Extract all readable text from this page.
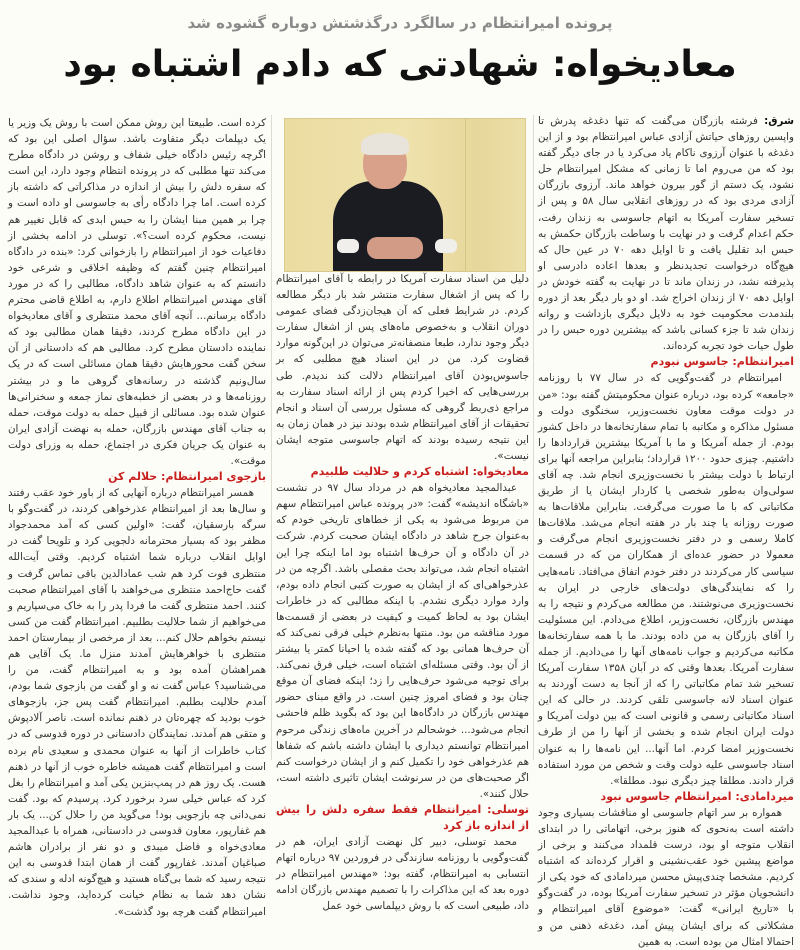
پرونده امیرانتظام در سالگرد درگذشتش دوباره گشوده شد
معادیخواه: شهادتی که دادم اشتباه بود

شرق: فرشته بازرگان می‌گفت که تنها دغدغه پدرش تا واپسین روزهای حیاتش آزادی عباس امیرانتظام بود و از این دغدغه با عنوان آرزوی ناکام یاد می‌کرد یا در جای دیگر گفته بود که من می‌روم اما تا زمانی که مشکل امیرانتظام حل نشود، یک دستم از گور بیرون خواهد ماند. آرزوی بازرگان آزادی مردی بود که در روزهای انقلابی سال ۵۸ و پس از تسخیر سفارت آمریکا به اتهام جاسوسی به زندان رفت، حکم اعدام گرفت و در نهایت با وساطت بازرگان حکمش به حبس ابد تقلیل یافت و تا اوایل دهه ۷۰ در عین حال که هیچ‌گاه درخواست تجدیدنظر و بعدها اعاده دادرسی او پذیرفته نشد، در زندان ماند تا در نهایت به گفته خودش در اوایل دهه ۷۰ از زندان اخراج شد. او دو بار دیگر بعد از دوره بلندمدت محکومیت خود به دلایل دیگری بازداشت و روانه زندان شد تا جزء کسانی باشد که بیشترین دوره حبس را در طول حیات خود تجربه کرده‌اند.

امیرانتظام: جاسوس نبودم

امیرانتظام در گفت‌وگویی که در سال ۷۷ با روزنامه «جامعه» کرده بود، درباره عنوان محکومیتش گفته بود: «من در دولت موقت معاون نخست‌وزیر، سخنگوی دولت و مسئول مذاکره و مکاتبه با تمام سفارتخانه‌ها در داخل کشور بودم. از جمله آمریکا و ما با آمریکا بیشترین قراردادها را داشتیم. چیزی حدود ۱۲۰۰ قرارداد؛ بنابراین مراجعه آنها برای ارتباط با دولت بیشتر با نخست‌وزیری انجام شد. چه آقای سولی‌وان به‌طور شخصی یا کاردار ایشان یا از طریق مکاتباتی که با ما صورت می‌گرفت. بنابراین ملاقات‌ها به صورت روزانه یا چند بار در هفته انجام می‌شد. ملاقات‌ها کاملا رسمی و در دفتر نخست‌وزیری انجام می‌گرفت و معمولا در حضور عده‌ای از همکاران من که در قسمت سیاسی کار می‌کردند در دفتر خودم اتفاق می‌افتاد. نامه‌هایی را که نمایندگی‌های دولت‌های خارجی در ایران به نخست‌وزیری می‌نوشتند. من مطالعه می‌کردم و نتیجه را به مهندس بازرگان، نخست‌وزیر، اطلاع می‌دادم. این مسئولیت را آقای بازرگان به من داده بودند. ما با همه سفارتخانه‌ها مکاتبه می‌کردیم و جواب نامه‌های آنها را می‌دادیم. از جمله سفارت آمریکا. بعدها وقتی که در آبان ۱۳۵۸ سفارت آمریکا تسخیر شد تمام مکاتباتی را که از آنجا به دست آوردند به عنوان اسناد لانه جاسوسی تلقی کردند. در حالی که این اسناد مکاتباتی رسمی و قانونی است که بین دولت آمریکا و دولت ایران انجام شده و بخشی از آنها را من از طرف نخست‌وزیر امضا کردم. اما آنها... این نامه‌ها را به عنوان اسناد جاسوسی علیه دولت وقت و شخص من مورد استفاده قرار دادند. مطلقا چیز دیگری نبود. مطلقا».

میردامادی: امیرانتظام جاسوس نبود

همواره بر سر اتهام جاسوسی او مناقشات بسیاری وجود داشته است به‌نحوی که هنوز برخی، اتهاماتی را در ابتدای انقلاب متوجه او بود، درست قلمداد می‌کنند و برخی از مواضع پیشین خود عقب‌نشینی و اقرار کرده‌اند که اشتباه کردیم. مشخصا چندی‌پیش محسن میردامادی که خود یکی از دانشجویان مؤثر در تسخیر سفارت آمریکا بوده، در گفت‌وگو با «تاریخ ایرانی» گفت: «موضوع آقای امیرانتظام و مشکلاتی که برای ایشان پیش آمد، دغدغه ذهنی من و احتمالا امثال من بوده است. به همین

دلیل من اسناد سفارت آمریکا در رابطه با آقای امیرانتظام را که پس از اشغال سفارت منتشر شد بار دیگر مطالعه کردم. در شرایط فعلی که آن هیجان‌زدگی فضای عمومی دوران انقلاب و به‌خصوص ماه‌های پس از اشغال سفارت دیگر وجود ندارد، طبعا منصفانه‌تر می‌توان در این‌گونه موارد قضاوت کرد. من در این اسناد هیچ مطلبی که بر جاسوس‌بودن آقای امیرانتظام دلالت کند ندیدم. طی بررسی‌هایی که اخیرا کردم پس از ارائه اسناد سفارت به مراجع ذی‌ربط گروهی که مسئول بررسی آن اسناد و انجام تحقیقات از آقای امیرانتظام شده بودند نیز در همان زمان به این نتیجه رسیده بودند که اتهام جاسوسی متوجه ایشان نیست».

معادیخواه: اشتباه کردم و حلالیت طلبیدم

عبدالمجید معادیخواه هم در مرداد سال ۹۷ در نشست «باشگاه اندیشه» گفت: «در پرونده عباس امیرانتظام سهم من مربوط می‌شود به یکی از خطاهای تاریخی خودم که به‌عنوان جرح شاهد در دادگاه ایشان صحبت کردم. شرکت در آن دادگاه و آن حرف‌ها اشتباه بود اما اینکه چرا این اشتباه انجام شد، می‌تواند بحث مفصلی باشد. اگرچه من در عذرخواهی‌ای که از ایشان به صورت کتبی انجام داده بودم، وارد موارد دیگری نشدم. با اینکه مطالبی که در خاطرات ایشان بود به لحاظ کمیت و کیفیت در بعضی از قسمت‌ها مورد مناقشه من بود. منتها به‌نظرم خیلی فرقی نمی‌کند که آن حرف‌ها همانی بود که گفته شده یا احیانا کمتر یا بیشتر از آن بود. وقتی مسئله‌ای اشتباه است، خیلی فرق نمی‌کند. برای توجیه می‌شود حرف‌هایی را زد؛ اینکه فضای آن موقع چنان بود و فضای امروز چنین است. در واقع مبنای حضور مهندس بازرگان در دادگاه‌ها این بود که بگوید ظلم فاحشی انجام می‌شود... خوشحالم در آخرین ماه‌های زندگی مرحوم امیرانتظام توانستم دیداری با ایشان داشته باشم که شفاها هم عذرخواهی خود را تکمیل کنم و از ایشان درخواست کنم اگر صحبت‌های من در سرنوشت ایشان تاثیری داشته است، حلال کنند».

توسلی: امیرانتظام فقط سفره دلش را بیش از اندازه باز کرد

محمد توسلی، دبیر کل نهضت آزادی ایران، هم در گفت‌وگویی با روزنامه سازندگی در فروردین ۹۷ درباره اتهام انتسابی به امیرانتظام، گفته بود: «مهندس امیرانتظام در دوره بعد که این مذاکرات را با تصمیم مهندس بازرگان ادامه داد، طبیعی است که با روش دیپلماسی خود عمل

کرده است. طبیعتا این روش ممکن است با روش یک وزیر یا یک دیپلمات دیگر متفاوت باشد. سؤال اصلی این بود که اگرچه رئیس دادگاه خیلی شفاف و روشن در دادگاه مطرح می‌کند تنها مطلبی که در پرونده انتظام وجود دارد، این است که سفره دلش را بیش از اندازه در مذاکراتی که داشته باز کرده است. اما چرا دادگاه رأی به جاسوسی او داده است و چرا بر همین مبنا ایشان را به حبس ابدی که قابل تغییر هم نیست، محکوم کرده است؟». توسلی در ادامه بخشی از دفاعیات خود از امیرانتظام را بازخوانی کرد: «بنده در دادگاه امیرانتظام چنین گفتم که وظیفه اخلاقی و شرعی خود دانستم که به عنوان شاهد دادگاه، مطالبی را که در مورد آقای مهندس امیرانتظام اطلاع دارم، به اطلاع قاضی محترم دادگاه برسانم... آنچه آقای محمد منتظری و آقای معادیخواه در این دادگاه مطرح کردند، دقیقا همان مطالبی بود که نماینده دادستان مطرح کرد. مطالبی هم که دادستانی از آن سخن گفت محورهایش دقیقا همان مسائلی است که در یک سال‌ونیم گذشته در رسانه‌های گروهی ما و در بیشتر روزنامه‌ها و در بعضی از خطبه‌های نماز جمعه و سخنرانی‌ها عنوان شده بود. مسائلی از قبیل حمله به دولت موقت، حمله به جناب آقای مهندس بازرگان، حمله به نهضت آزادی ایران به عنوان یک جریان فکری در اجتماع، حمله به وزرای دولت موقت».

بازجوی امیرانتظام: حلالم کن

همسر امیرانتظام درباره آنهایی که از باور خود عقب رفتند و سال‌ها بعد از امیرانتظام عذرخواهی کردند، در گفت‌وگو با سرگه بارسقیان، گفت: «اولین کسی که آمد محمدجواد مظفر بود که بسیار محترمانه دلجویی کرد و تلویحا گفت در اوایل انقلاب درباره شما اشتباه کردیم. وقتی آیت‌الله منتظری فوت کرد هم شب عمادالدین باقی تماس گرفت و گفت حاج‌احمد منتظری می‌خواهند با آقای امیرانتظام صحبت کنند. احمد منتظری گفت ما فردا پدر را به خاک می‌سپاریم و می‌خواهیم از شما حلالیت بطلبیم. امیرانتظام گفت من کسی نیستم بخواهم حلال کنم... بعد از مرخصی از بیمارستان احمد منتظری با خواهرهایش آمدند منزل ما. یک آقایی هم همراهشان آمده بود و به امیرانتظام گفت، من را می‌شناسید؟ عباس گفت نه و او گفت من بازجوی شما بودم، آمدم حلالیت بطلبم. امیرانتظام گفت پس جز، بازجوهای خوب بودید که چهره‌تان در ذهنم نمانده است. ناصر آلادپوش و متقی هم آمدند. نمایندگان دادستانی در دوره قدوسی که در کتاب خاطرات از آنها به عنوان محمدی و سعیدی نام برده است و امیرانتظام گفت همیشه خاطره خوب از آنها در ذهنم هست. یک روز هم در پمپ‌بنزین یکی آمد و امیرانتظام را بغل کرد که عباس خیلی سرد برخورد کرد. پرسیدم که بود. گفت نمی‌دانی چه بازجویی بود! می‌گوید من را حلال کن... یک بار هم غفارپور، معاون قدوسی در دادستانی، همراه با عبدالمجید معادی‌خواه و فاضل میبدی و دو نفر از برادران هاشم صباغیان آمدند. غفارپور گفت از همان ابتدا قدوسی به این نتیجه رسید که شما بی‌گناه هستید و هیچ‌گونه ادله و سندی که نشان دهد شما به نظام خیانت کرده‌اید، وجود نداشت. امیرانتظام گفت هرچه بود گذشت».
